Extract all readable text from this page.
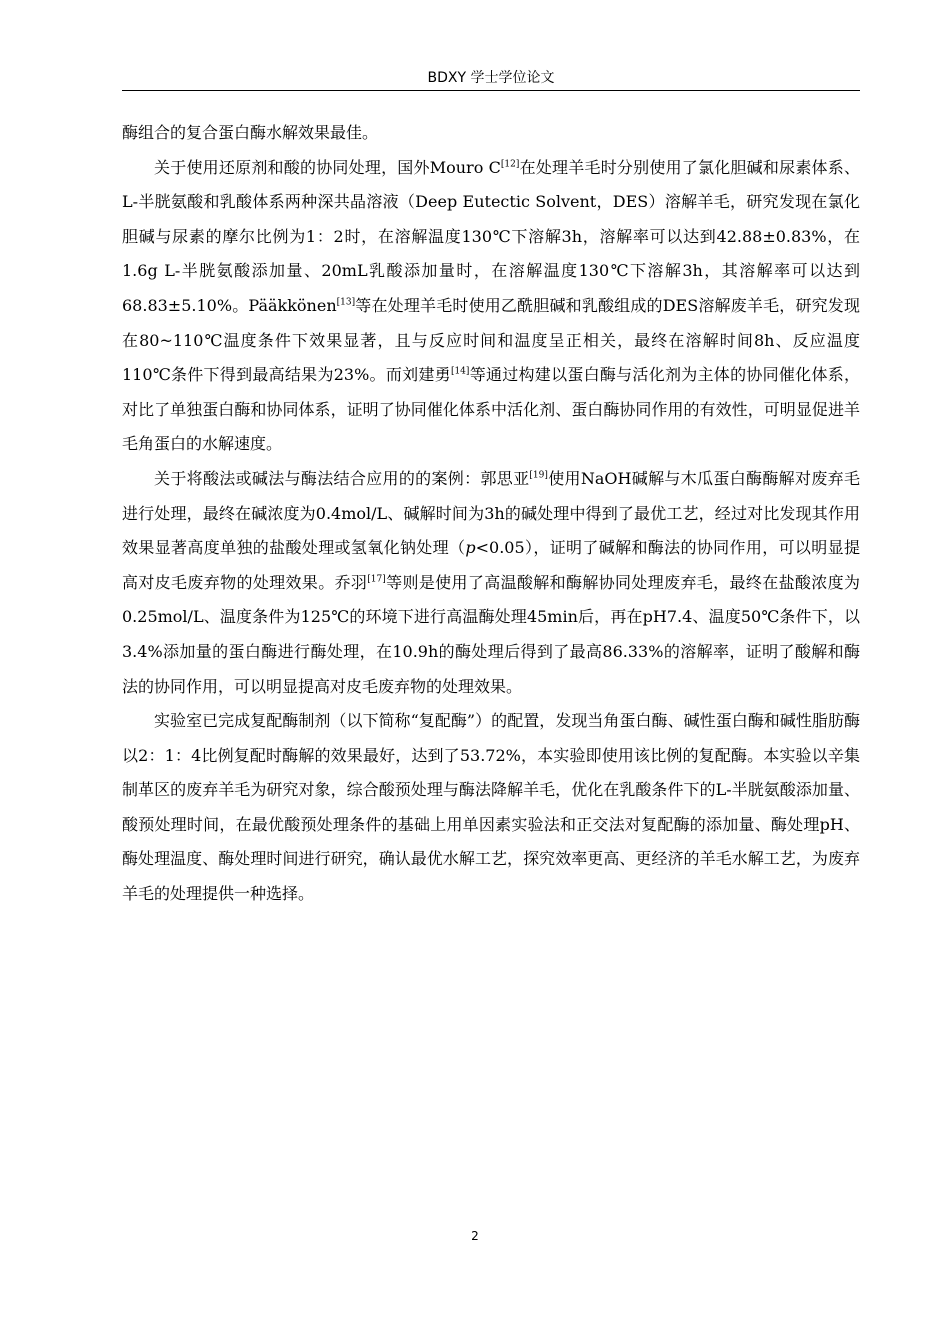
BDXY 学士学位论文

酶组合的复合蛋白酶水解效果最佳。

关于使用还原剂和酸的协同处理，国外Mouro C[12]在处理羊毛时分别使用了氯化胆碱和尿素体系、L-半胱氨酸和乳酸体系两种深共晶溶液（Deep Eutectic Solvent，DES）溶解羊毛，研究发现在氯化胆碱与尿素的摩尔比例为1：2时，在溶解温度130℃下溶解3h，溶解率可以达到42.88±0.83%，在1.6g L-半胱氨酸添加量、20mL乳酸添加量时，在溶解温度130℃下溶解3h，其溶解率可以达到68.83±5.10%。Pääkkönen[13]等在处理羊毛时使用乙酰胆碱和乳酸组成的DES溶解废羊毛，研究发现在80~110℃温度条件下效果显著，且与反应时间和温度呈正相关，最终在溶解时间8h、反应温度110℃条件下得到最高结果为23%。而刘建勇[14]等通过构建以蛋白酶与活化剂为主体的协同催化体系，对比了单独蛋白酶和协同体系，证明了协同催化体系中活化剂、蛋白酶协同作用的有效性，可明显促进羊毛角蛋白的水解速度。

关于将酸法或碱法与酶法结合应用的的案例：郭思亚[19]使用NaOH碱解与木瓜蛋白酶酶解对废弃毛进行处理，最终在碱浓度为0.4mol/L、碱解时间为3h的碱处理中得到了最优工艺，经过对比发现其作用效果显著高度单独的盐酸处理或氢氧化钠处理（p<0.05），证明了碱解和酶法的协同作用，可以明显提高对皮毛废弃物的处理效果。乔羽[17]等则是使用了高温酸解和酶解协同处理废弃毛，最终在盐酸浓度为0.25mol/L、温度条件为125℃的环境下进行高温酶处理45min后，再在pH7.4、温度50℃条件下，以3.4%添加量的蛋白酶进行酶处理，在10.9h的酶处理后得到了最高86.33%的溶解率，证明了酸解和酶法的协同作用，可以明显提高对皮毛废弃物的处理效果。

实验室已完成复配酶制剂（以下简称“复配酶”）的配置，发现当角蛋白酶、碱性蛋白酶和碱性脂肪酶以2：1：4比例复配时酶解的效果最好，达到了53.72%，本实验即使用该比例的复配酶。本实验以辛集制革区的废弃羊毛为研究对象，综合酸预处理与酶法降解羊毛，优化在乳酸条件下的L-半胱氨酸添加量、酸预处理时间，在最优酸预处理条件的基础上用单因素实验法和正交法对复配酶的添加量、酶处理pH、酶处理温度、酶处理时间进行研究，确认最优水解工艺，探究效率更高、更经济的羊毛水解工艺，为废弃羊毛的处理提供一种选择。

2
